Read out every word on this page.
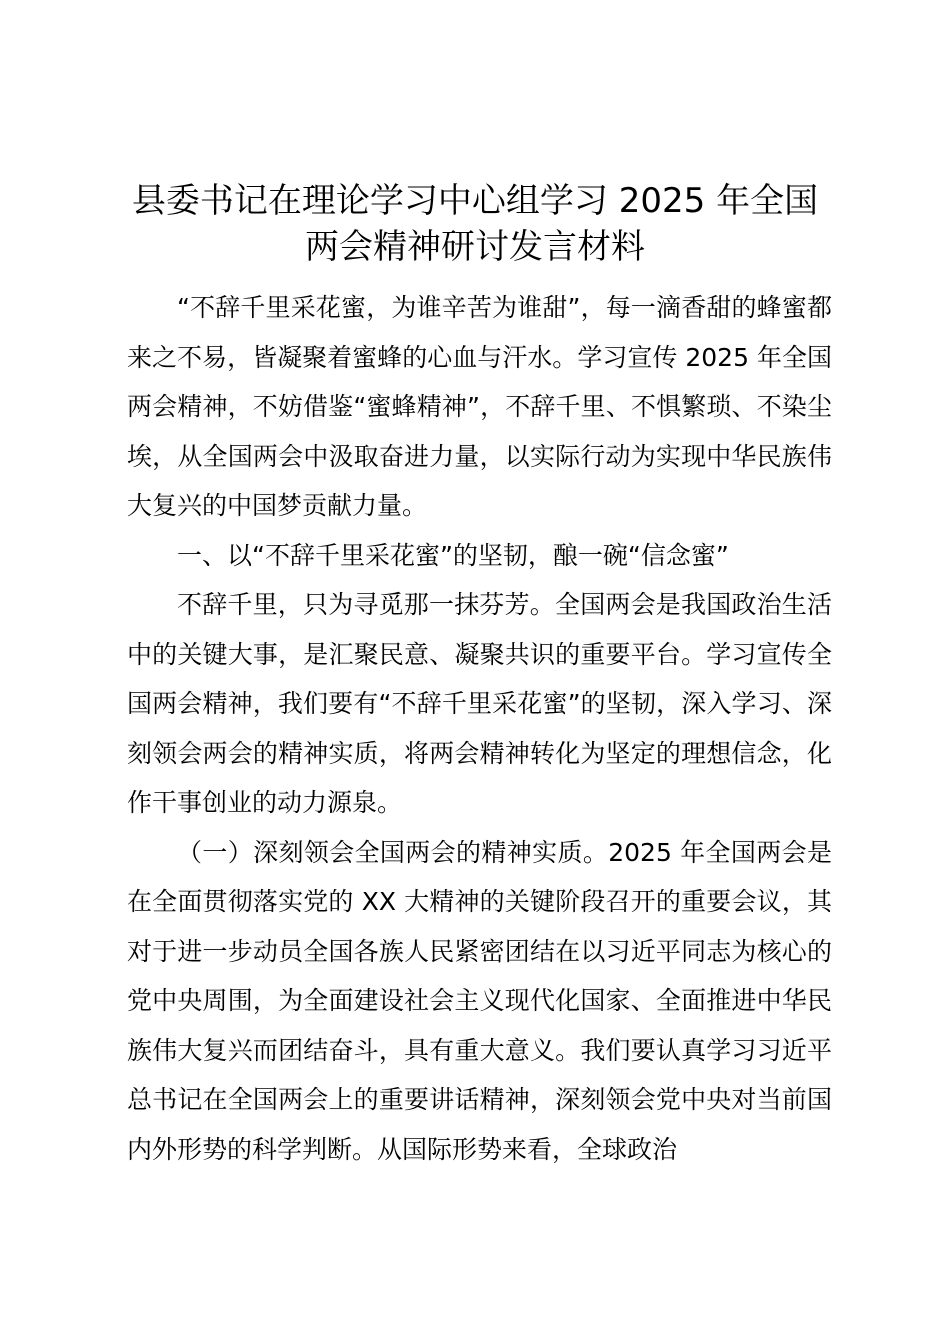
县委书记在理论学习中心组学习 2025 年全国
两会精神研讨发言材料

“不辞千里采花蜜，为谁辛苦为谁甜”，每一滴香甜的蜂蜜都来之不易，皆凝聚着蜜蜂的心血与汗水。学习宣传 2025 年全国两会精神，不妨借鉴“蜜蜂精神”，不辞千里、不惧繁琐、不染尘埃，从全国两会中汲取奋进力量，以实际行动为实现中华民族伟大复兴的中国梦贡献力量。

一、以“不辞千里采花蜜”的坚韧，酿一碗“信念蜜”

不辞千里，只为寻觅那一抹芬芳。全国两会是我国政治生活中的关键大事，是汇聚民意、凝聚共识的重要平台。学习宣传全国两会精神，我们要有“不辞千里采花蜜”的坚韧，深入学习、深刻领会两会的精神实质，将两会精神转化为坚定的理想信念，化作干事创业的动力源泉。

（一）深刻领会全国两会的精神实质。2025 年全国两会是在全面贯彻落实党的 XX 大精神的关键阶段召开的重要会议，其对于进一步动员全国各族人民紧密团结在以习近平同志为核心的党中央周围，为全面建设社会主义现代化国家、全面推进中华民族伟大复兴而团结奋斗，具有重大意义。我们要认真学习习近平总书记在全国两会上的重要讲话精神，深刻领会党中央对当前国内外形势的科学判断。从国际形势来看，全球政治
